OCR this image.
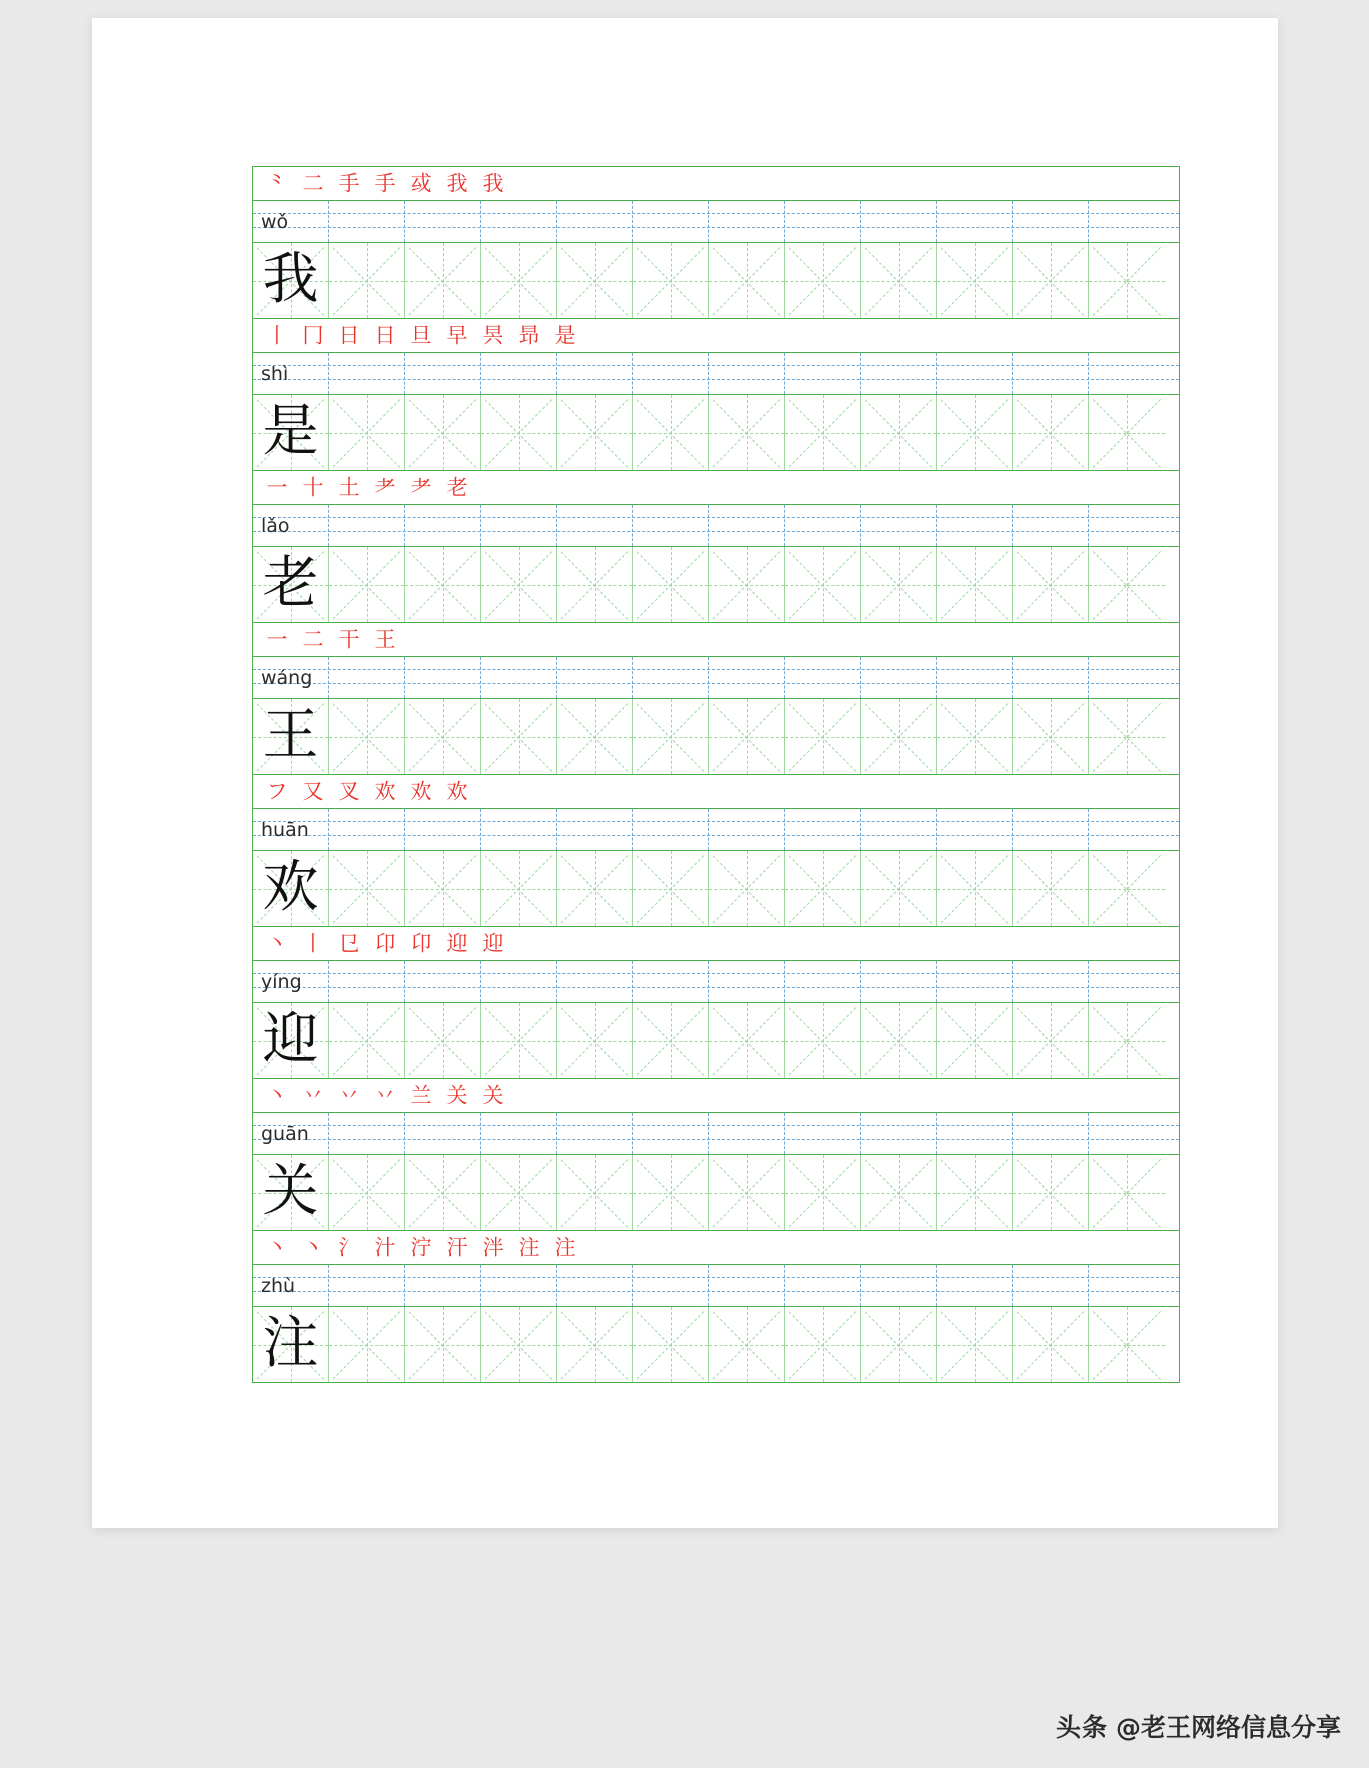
⺀ ⼆ 手 手 㦯 我 我
wǒ
我
丨 冂 日 日 旦 早 昗 昻 是
shì
是
一 十 土 耂 耂 老
lǎo
老
一 二 干 王
wáng
王
フ 又 叉 欢 欢 欢
huān
欢
丶 丨 㔾 卬 卬 迎 迎
yíng
迎
丶 丷 丷 丷 兰 关 关
guān
关
丶 丶 氵 汁 泞 汗 泮 注 注
zhù
注
头条 @老王网络信息分享
